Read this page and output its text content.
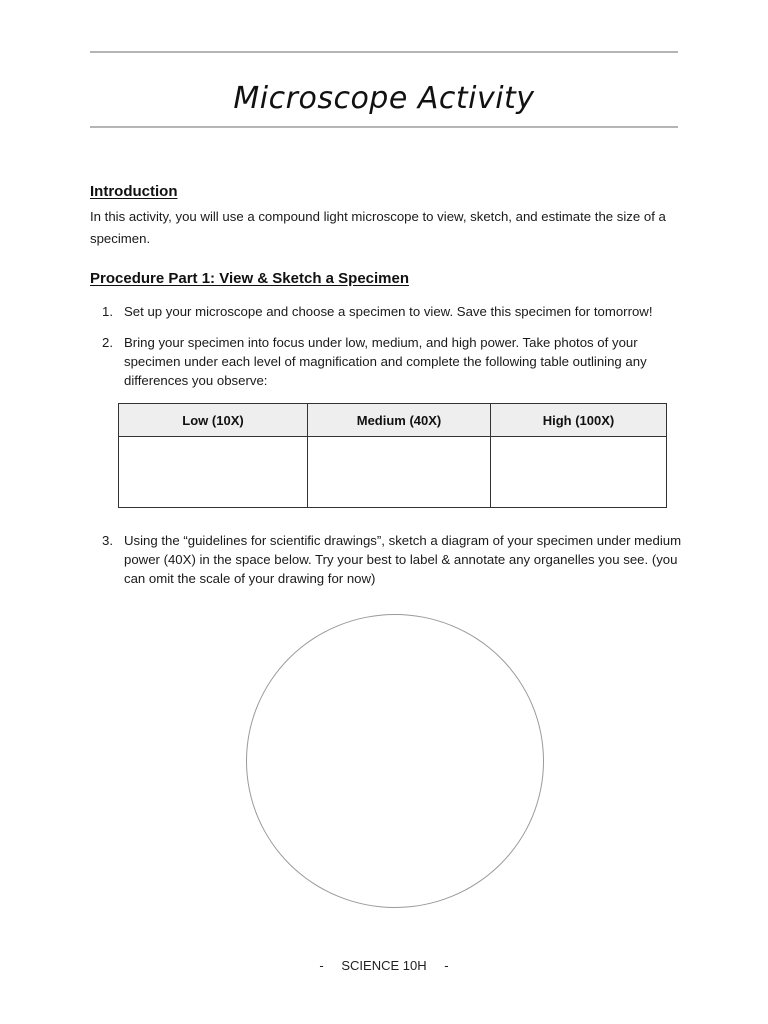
Microscope Activity
Introduction

In this activity, you will use a compound light microscope to view, sketch, and estimate the size of a specimen.

Procedure Part 1: View & Sketch a Specimen
1. Set up your microscope and choose a specimen to view. Save this specimen for tomorrow!
2. Bring your specimen into focus under low, medium, and high power. Take photos of your specimen under each level of magnification and complete the following table outlining any differences you observe:
Low (10X)	Medium (40X)	High (100X)

3. Using the “guidelines for scientific drawings”, sketch a diagram of your specimen under medium power (40X) in the space below. Try your best to label & annotate any organelles you see. (you can omit the scale of your drawing for now)

- SCIENCE 10H -
